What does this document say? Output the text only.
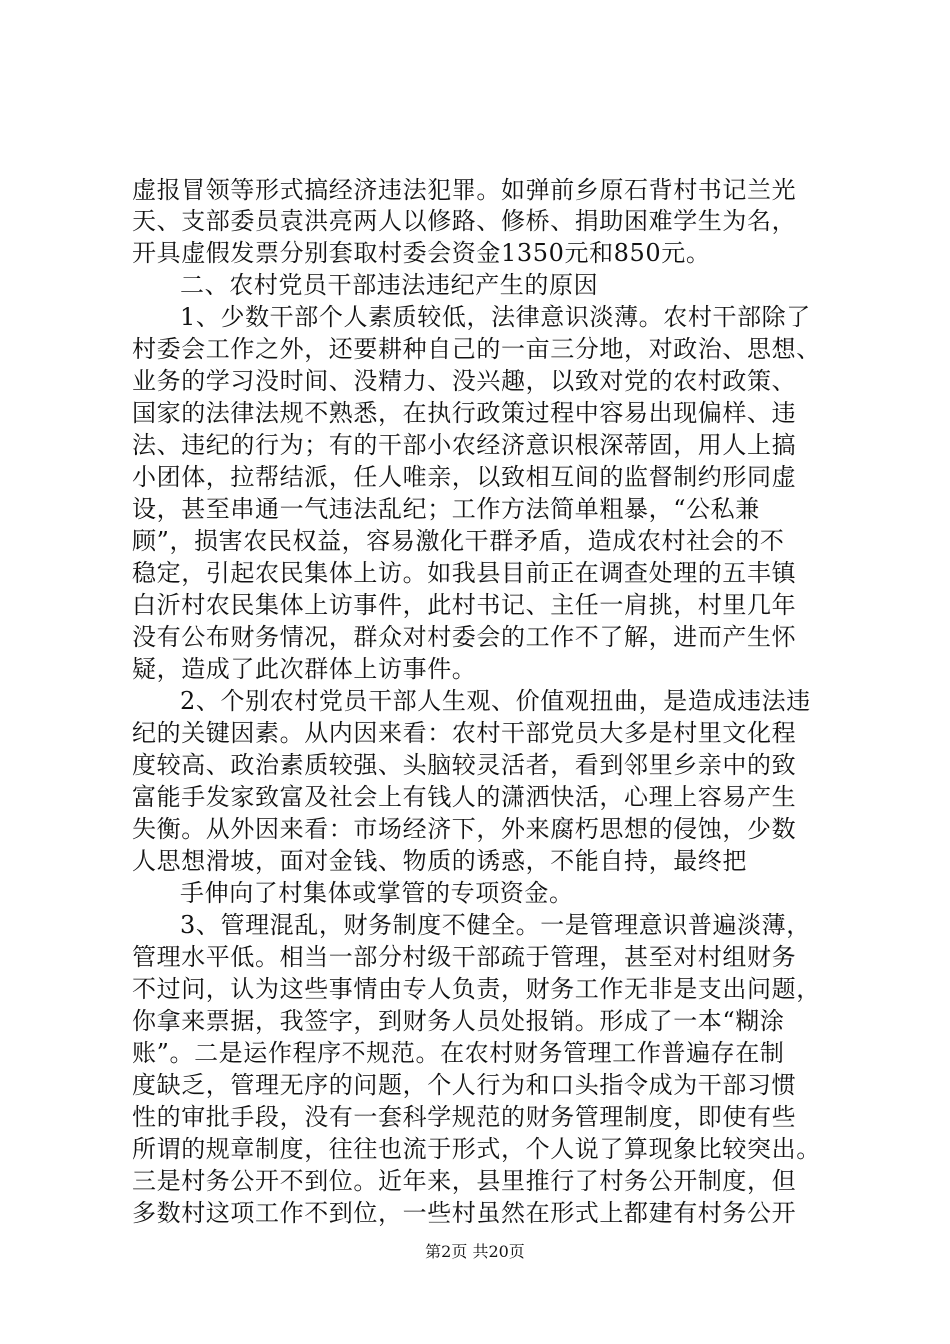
虚报冒领等形式搞经济违法犯罪。如弹前乡原石背村书记兰光
天、支部委员袁洪亮两人以修路、修桥、捐助困难学生为名，
开具虚假发票分别套取村委会资金1350元和850元。
二、农村党员干部违法违纪产生的原因
1、少数干部个人素质较低，法律意识淡薄。农村干部除了
村委会工作之外，还要耕种自己的一亩三分地，对政治、思想、
业务的学习没时间、没精力、没兴趣，以致对党的农村政策、
国家的法律法规不熟悉，在执行政策过程中容易出现偏样、违
法、违纪的行为；有的干部小农经济意识根深蒂固，用人上搞
小团体，拉帮结派，任人唯亲，以致相互间的监督制约形同虚
设，甚至串通一气违法乱纪；工作方法简单粗暴，“公私兼
顾”，损害农民权益，容易激化干群矛盾，造成农村社会的不
稳定，引起农民集体上访。如我县目前正在调查处理的五丰镇
白沂村农民集体上访事件，此村书记、主任一肩挑，村里几年
没有公布财务情况，群众对村委会的工作不了解，进而产生怀
疑，造成了此次群体上访事件。
2、个别农村党员干部人生观、价值观扭曲，是造成违法违
纪的关键因素。从内因来看：农村干部党员大多是村里文化程
度较高、政治素质较强、头脑较灵活者，看到邻里乡亲中的致
富能手发家致富及社会上有钱人的潇洒快活，心理上容易产生
失衡。从外因来看：市场经济下，外来腐朽思想的侵蚀，少数
人思想滑坡，面对金钱、物质的诱惑，不能自持，最终把
手伸向了村集体或掌管的专项资金。
3、管理混乱，财务制度不健全。一是管理意识普遍淡薄，
管理水平低。相当一部分村级干部疏于管理，甚至对村组财务
不过问，认为这些事情由专人负责，财务工作无非是支出问题，
你拿来票据，我签字，到财务人员处报销。形成了一本“糊涂
账”。二是运作程序不规范。在农村财务管理工作普遍存在制
度缺乏，管理无序的问题，个人行为和口头指令成为干部习惯
性的审批手段，没有一套科学规范的财务管理制度，即使有些
所谓的规章制度，往往也流于形式，个人说了算现象比较突出。
三是村务公开不到位。近年来，县里推行了村务公开制度，但
多数村这项工作不到位，一些村虽然在形式上都建有村务公开
第2页 共20页
